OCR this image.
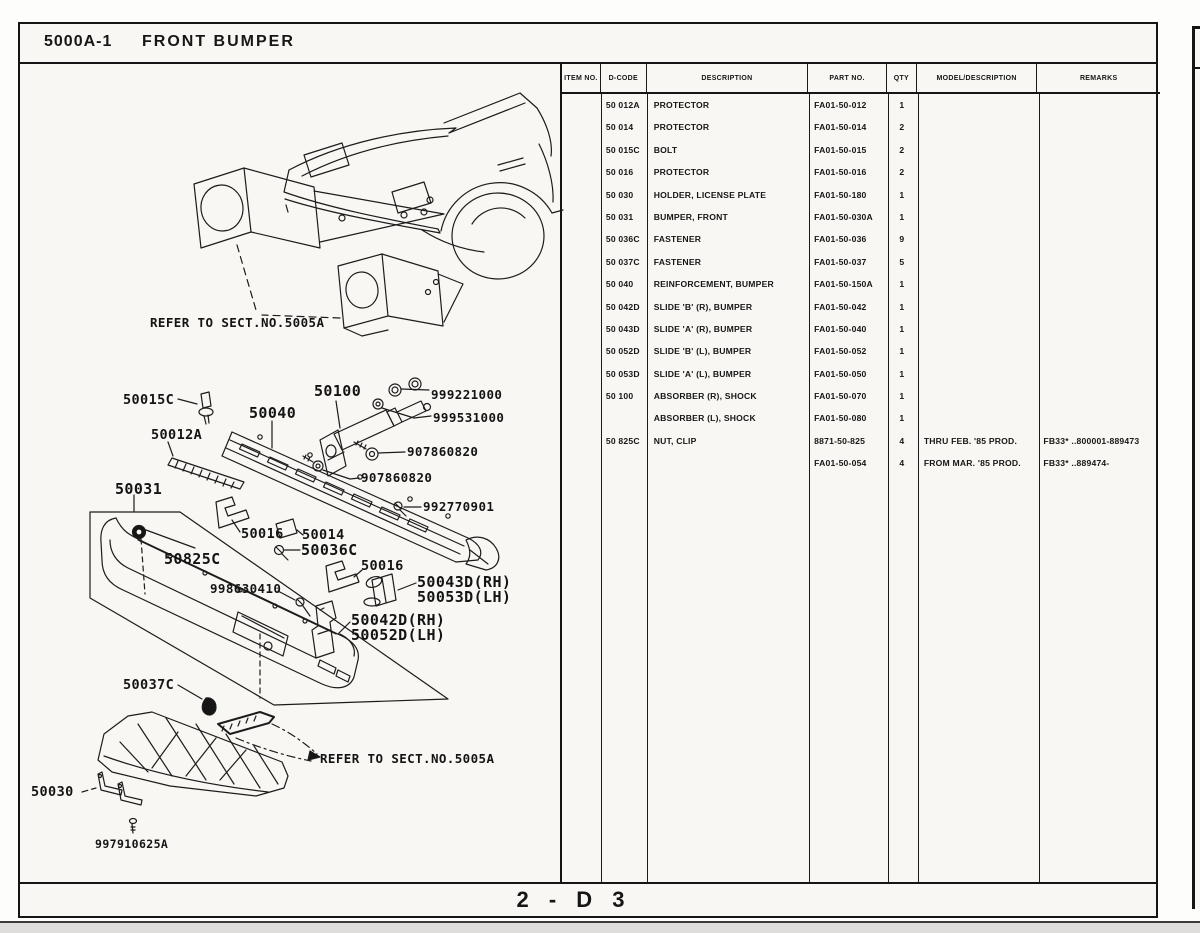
5000A-1 FRONT BUMPER
REFER TO SECT.NO.5005A
50015C
50012A
50040
50100	999221000
999531000
907860820
907860820
992770901
50031
50016 50014
50036C
50825C	50016
50043D(RH)
50053D(LH)
998630410
50042D(RH)
50052D(LH)
50037C
REFER TO SECT.NO.5005A
50030
997910625A
ITEM NO.	D-CODE	DESCRIPTION	PART NO.	QTY	MODEL/DESCRIPTION	REMARKS
50 012A	PROTECTOR	FA01-50-012	1
50 014	PROTECTOR	FA01-50-014	2
50 015C	BOLT	FA01-50-015	2
50 016	PROTECTOR	FA01-50-016	2
50 030	HOLDER, LICENSE PLATE	FA01-50-180	1
50 031	BUMPER, FRONT	FA01-50-030A	1
50 036C	FASTENER	FA01-50-036	9
50 037C	FASTENER	FA01-50-037	5
50 040	REINFORCEMENT, BUMPER	FA01-50-150A	1
50 042D	SLIDE 'B' (R), BUMPER	FA01-50-042	1
50 043D	SLIDE 'A' (R), BUMPER	FA01-50-040	1
50 052D	SLIDE 'B' (L), BUMPER	FA01-50-052	1
50 053D	SLIDE 'A' (L), BUMPER	FA01-50-050	1
50 100	ABSORBER (R), SHOCK	FA01-50-070	1
ABSORBER (L), SHOCK	FA01-50-080	1
50 825C	NUT, CLIP	8871-50-825	4	THRU FEB. '85 PROD.	FB33* ..800001-889473
FA01-50-054	4	FROM MAR. '85 PROD.	FB33* ..889474-
2 - D 3
